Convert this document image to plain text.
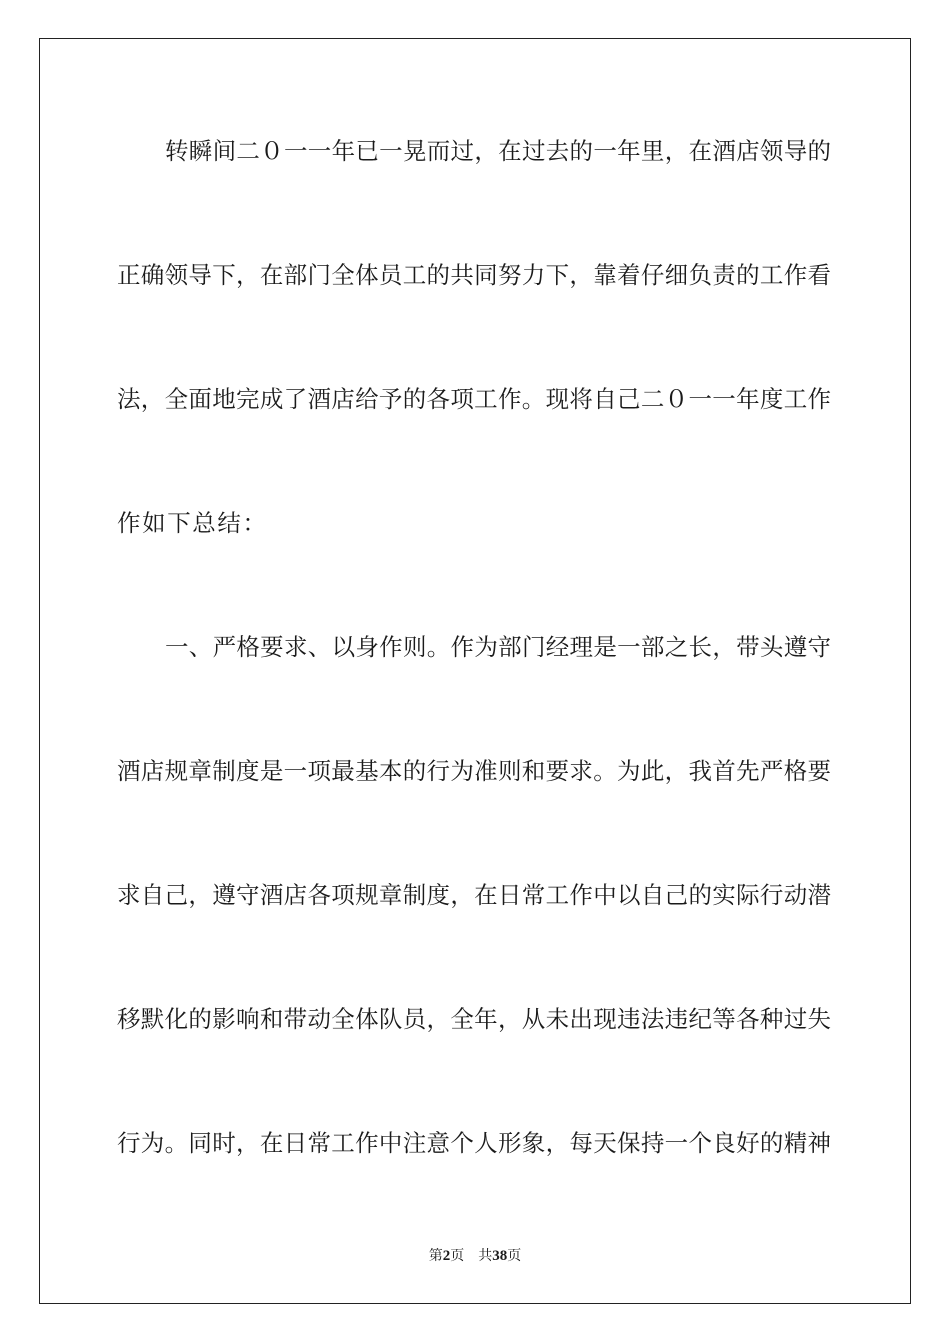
转瞬间二０一一年已一晃而过，在过去的一年里，在酒店领导的
正确领导下，在部门全体员工的共同努力下，靠着仔细负责的工作看
法，全面地完成了酒店给予的各项工作。现将自己二０一一年度工作
作如下总结：
一、严格要求、以身作则。作为部门经理是一部之长，带头遵守
酒店规章制度是一项最基本的行为准则和要求。为此，我首先严格要
求自己，遵守酒店各项规章制度，在日常工作中以自己的实际行动潜
移默化的影响和带动全体队员，全年，从未出现违法违纪等各种过失
行为。同时，在日常工作中注意个人形象，每天保持一个良好的精神
第2页 共38页
